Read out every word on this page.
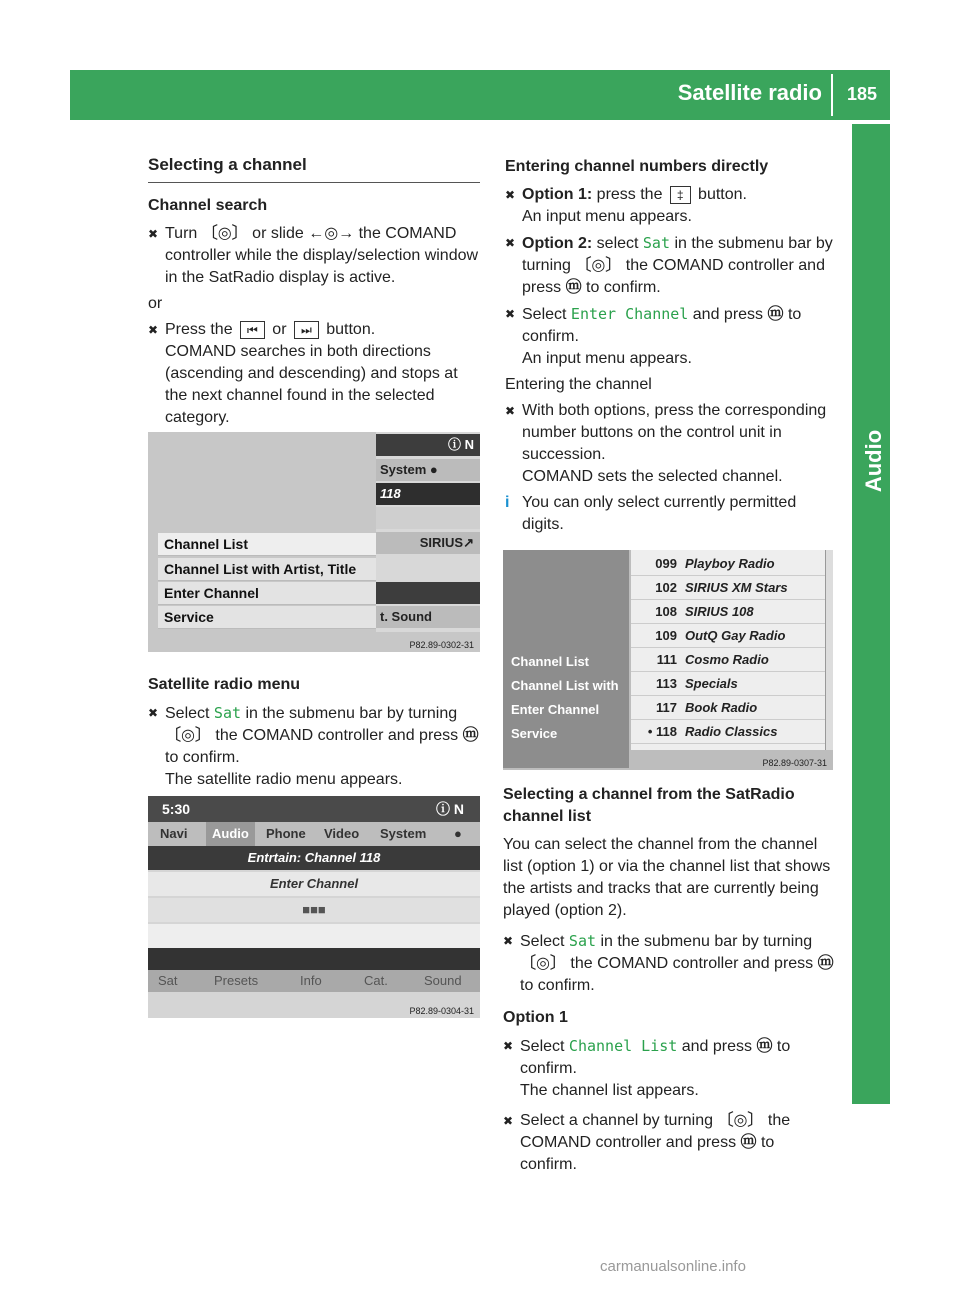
Satellite radio	185
Audio
Selecting a channel
Channel search
✖ Turn 〔◎〕 or slide ←◎→ the COMAND controller while the display/selection window in the SatRadio display is active.

or

✖ Press the ⏮ or ⏭ button.
COMAND searches in both directions (ascending and descending) and stops at the next channel found in the selected category.
Channel List
Channel List with Artist, Title
Enter Channel
Service
ⓘ N
System ●
118
SIRIUS↗
t. Sound
P82.89-0302-31
Satellite radio menu
✖ Select Sat in the submenu bar by turning 〔◎〕 the COMAND controller and press ⓜ to confirm.
The satellite radio menu appears.
5:30	ⓘ N
Navi	Audio	Phone Video System ●
Entrtain: Channel 118
Enter Channel
■■■
Sat	Presets	Info	Cat.	Sound
P82.89-0304-31
Entering channel numbers directly
✖ Option 1: press the ‡ button.
An input menu appears.
✖ Option 2: select Sat in the submenu bar by turning 〔◎〕 the COMAND controller and press ⓜ to confirm.
✖ Select Enter Channel and press ⓜ to confirm.
An input menu appears.

Entering the channel

✖ With both options, press the corresponding number buttons on the control unit in succession.
COMAND sets the selected channel.
i You can only select currently permitted digits.
Channel List
Channel List with
Enter Channel
Service
099 Playboy Radio
102 SIRIUS XM Stars
108 SIRIUS 108
109 OutQ Gay Radio
111 Cosmo Radio
113 Specials
117 Book Radio
• 118 Radio Classics
P82.89-0307-31
Selecting a channel from the SatRadio channel list

You can select the channel from the channel list (option 1) or via the channel list that shows the artists and tracks that are currently being played (option 2).

✖ Select Sat in the submenu bar by turning 〔◎〕 the COMAND controller and press ⓜ to confirm.
Option 1
✖ Select Channel List and press ⓜ to confirm.
The channel list appears.
✖ Select a channel by turning 〔◎〕 the COMAND controller and press ⓜ to confirm.
carmanualsonline.info
